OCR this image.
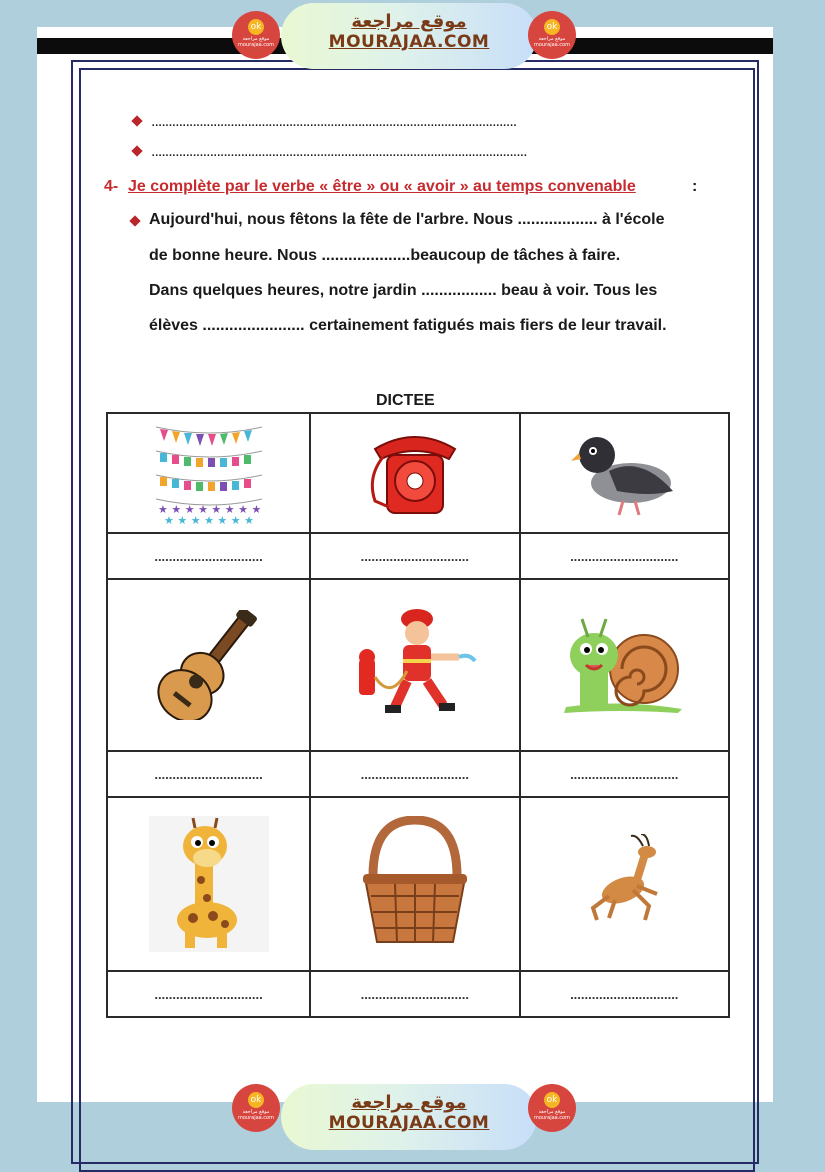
..........................................................................................................
.............................................................................................................
4- Je complète par le verbe « être » ou « avoir » au temps convenable	:
Aujourd'hui, nous fêtons la fête de l'arbre. Nous .................. à l'école
de bonne heure. Nous ....................beaucoup de tâches à faire.
Dans quelques heures, notre jardin ................. beau à voir. Tous les
élèves ....................... certainement fatigués mais fiers de leur travail.
DICTEE
★ ★ ★ ★ ★ ★ ★ ★
★ ★ ★ ★ ★ ★ ★

..............................	..............................	..............................

..............................	..............................	..............................

..............................	..............................	..............................
ok
موقع مراجعة
mourajaa.com
موقع مراجعة
MOURAJAA.COM
ok
موقع مراجعة
mourajaa.com
ok
موقع مراجعة
mourajaa.com
موقع مراجعة
MOURAJAA.COM
ok
موقع مراجعة
mourajaa.com
